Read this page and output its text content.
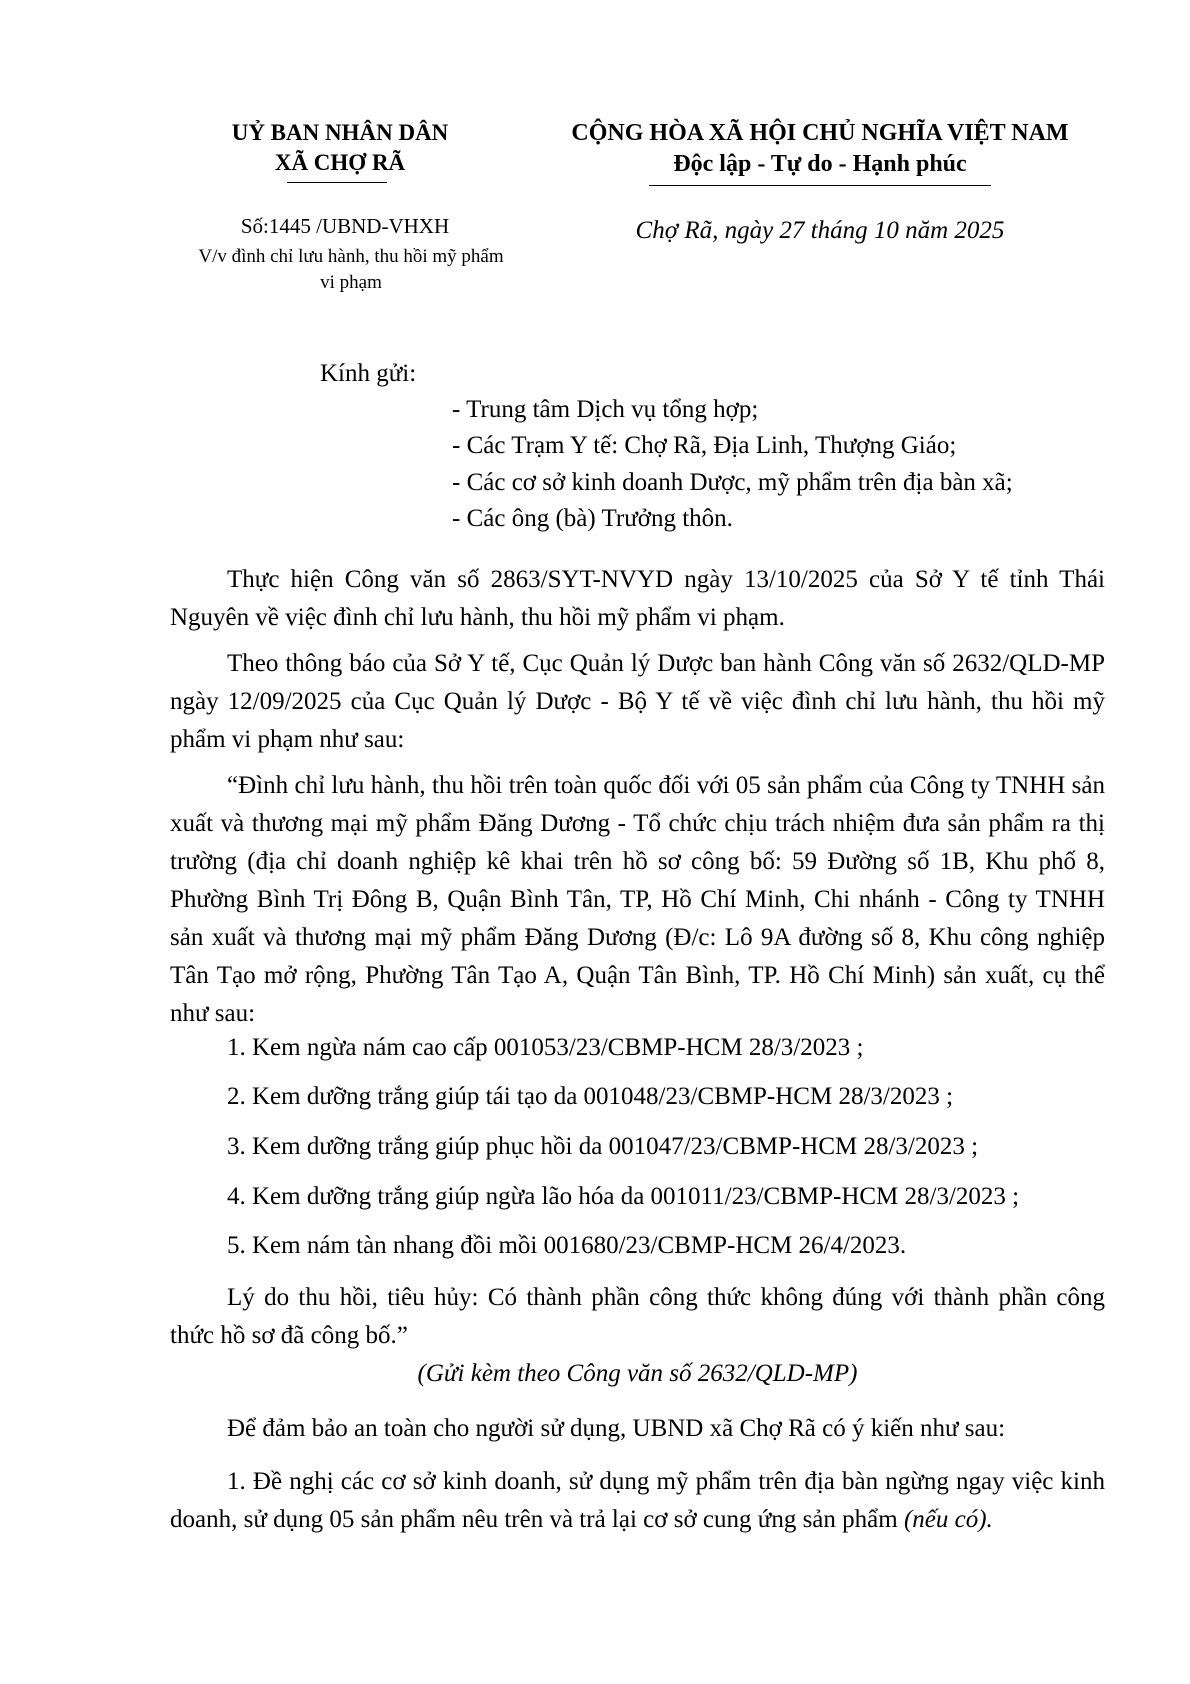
UỶ BAN NHÂN DÂN
XÃ CHỢ RÃ
Số:1445 /UBND-VHXH
V/v đình chỉ lưu hành, thu hồi mỹ phẩm vi phạm
CỘNG HÒA XÃ HỘI CHỦ NGHĨA VIỆT NAM
Độc lập - Tự do - Hạnh phúc
Chợ Rã, ngày 27 tháng 10 năm 2025
Kính gửi:
- Trung tâm Dịch vụ tổng hợp;
- Các Trạm Y tế: Chợ Rã, Địa Linh, Thượng Giáo;
- Các cơ sở kinh doanh Dược, mỹ phẩm trên địa bàn xã;
- Các ông (bà) Trưởng thôn.
Thực hiện Công văn số 2863/SYT-NVYD ngày 13/10/2025 của Sở Y tế tỉnh Thái Nguyên về việc đình chỉ lưu hành, thu hồi mỹ phẩm vi phạm.
Theo thông báo của Sở Y tế, Cục Quản lý Dược ban hành Công văn số 2632/QLD-MP ngày 12/09/2025 của Cục Quản lý Dược - Bộ Y tế về việc đình chỉ lưu hành, thu hồi mỹ phẩm vi phạm như sau:
“Đình chỉ lưu hành, thu hồi trên toàn quốc đối với 05 sản phẩm của Công ty TNHH sản xuất và thương mại mỹ phẩm Đăng Dương - Tổ chức chịu trách nhiệm đưa sản phẩm ra thị trường (địa chỉ doanh nghiệp kê khai trên hồ sơ công bố: 59 Đường số 1B, Khu phố 8, Phường Bình Trị Đông B, Quận Bình Tân, TP, Hồ Chí Minh, Chi nhánh - Công ty TNHH sản xuất và thương mại mỹ phẩm Đăng Dương (Đ/c: Lô 9A đường số 8, Khu công nghiệp Tân Tạo mở rộng, Phường Tân Tạo A, Quận Tân Bình, TP. Hồ Chí Minh) sản xuất, cụ thể như sau:
1. Kem ngừa nám cao cấp 001053/23/CBMP-HCM 28/3/2023 ;
2. Kem dưỡng trắng giúp tái tạo da 001048/23/CBMP-HCM 28/3/2023 ;
3. Kem dưỡng trắng giúp phục hồi da 001047/23/CBMP-HCM 28/3/2023 ;
4. Kem dưỡng trắng giúp ngừa lão hóa da 001011/23/CBMP-HCM 28/3/2023 ;
5. Kem nám tàn nhang đồi mồi 001680/23/CBMP-HCM 26/4/2023.
Lý do thu hồi, tiêu hủy: Có thành phần công thức không đúng với thành phần công thức hồ sơ đã công bố.”
(Gửi kèm theo Công văn số 2632/QLD-MP)
Để đảm bảo an toàn cho người sử dụng, UBND xã Chợ Rã có ý kiến như sau:
1. Đề nghị các cơ sở kinh doanh, sử dụng mỹ phẩm trên địa bàn ngừng ngay việc kinh doanh, sử dụng 05 sản phẩm nêu trên và trả lại cơ sở cung ứng sản phẩm (nếu có).
